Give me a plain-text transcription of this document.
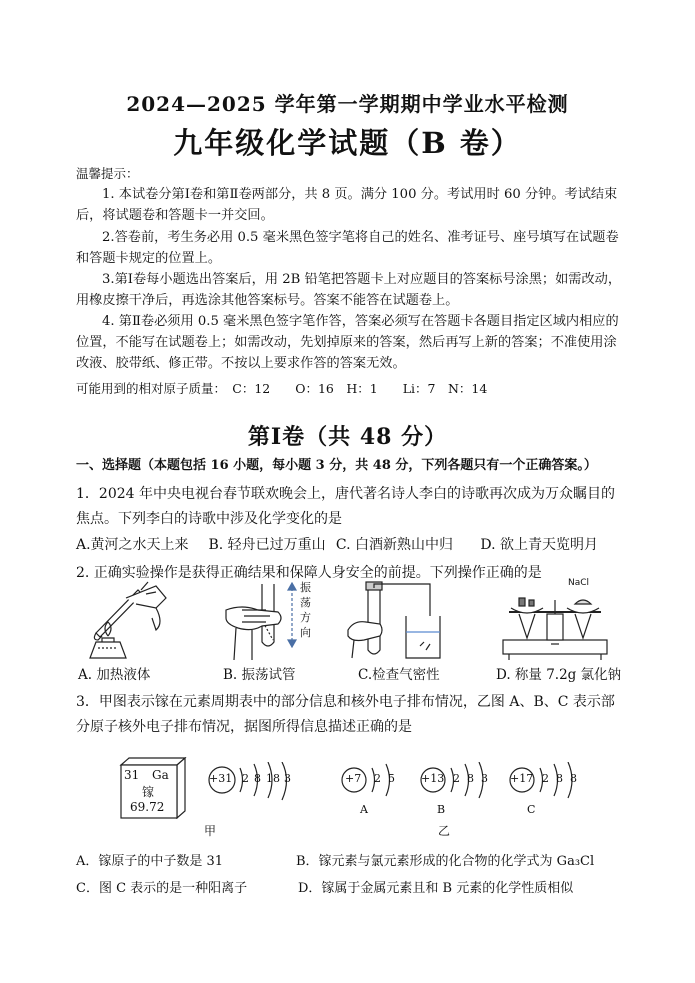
2024—2025 学年第一学期期中学业水平检测
九年级化学试题（B 卷）
温馨提示：
1. 本试卷分第Ⅰ卷和第Ⅱ卷两部分，共 8 页。满分 100 分。考试用时 60 分钟。考试结束后，将试题卷和答题卡一并交回。
2.答卷前，考生务必用 0.5 毫米黑色签字笔将自己的姓名、准考证号、座号填写在试题卷和答题卡规定的位置上。
3.第Ⅰ卷每小题选出答案后，用 2B 铅笔把答题卡上对应题目的答案标号涂黑；如需改动，用橡皮擦干净后，再选涂其他答案标号。答案不能答在试题卷上。
4. 第Ⅱ卷必须用 0.5 毫米黑色签字笔作答，答案必须写在答题卡各题目指定区域内相应的位置，不能写在试题卷上；如需改动，先划掉原来的答案，然后再写上新的答案；不准使用涂改液、胶带纸、修正带。不按以上要求作答的答案无效。
可能用到的相对原子质量：　C：12　　O：16　H：1　　Li：7　N：14
第Ⅰ卷（共 48 分）
一、选择题（本题包括 16 小题，每小题 3 分，共 48 分，下列各题只有一个正确答案。）
1．2024 年中央电视台春节联欢晚会上，唐代著名诗人李白的诗歌再次成为万众瞩目的焦点。下列李白的诗歌中涉及化学变化的是
A.黄河之水天上来 B. 轻舟已过万重山 C. 白酒新熟山中归 D. 欲上青天览明月
2. 正确实验操作是获得正确结果和保障人身安全的前提。下列操作正确的是
振
荡
方
向
NaCl
A. 加热液体	B. 振荡试管	C.检查气密性	D. 称量 7.2g 氯化钠
3．甲图表示镓在元素周期表中的部分信息和核外电子排布情况，乙图 A、B、C 表示部分原子核外电子排布情况，据图所得信息描述正确的是
31 Ga
镓
69.72
+31 2 8 18 3	+7 2 5
A
+13 2 8 3
B
+17 2 8 8
C
甲	乙
A．镓原子的中子数是 31	B．镓元素与氯元素形成的化合物的化学式为 Ga₃Cl
C．图 C 表示的是一种阳离子	D．镓属于金属元素且和 B 元素的化学性质相似
